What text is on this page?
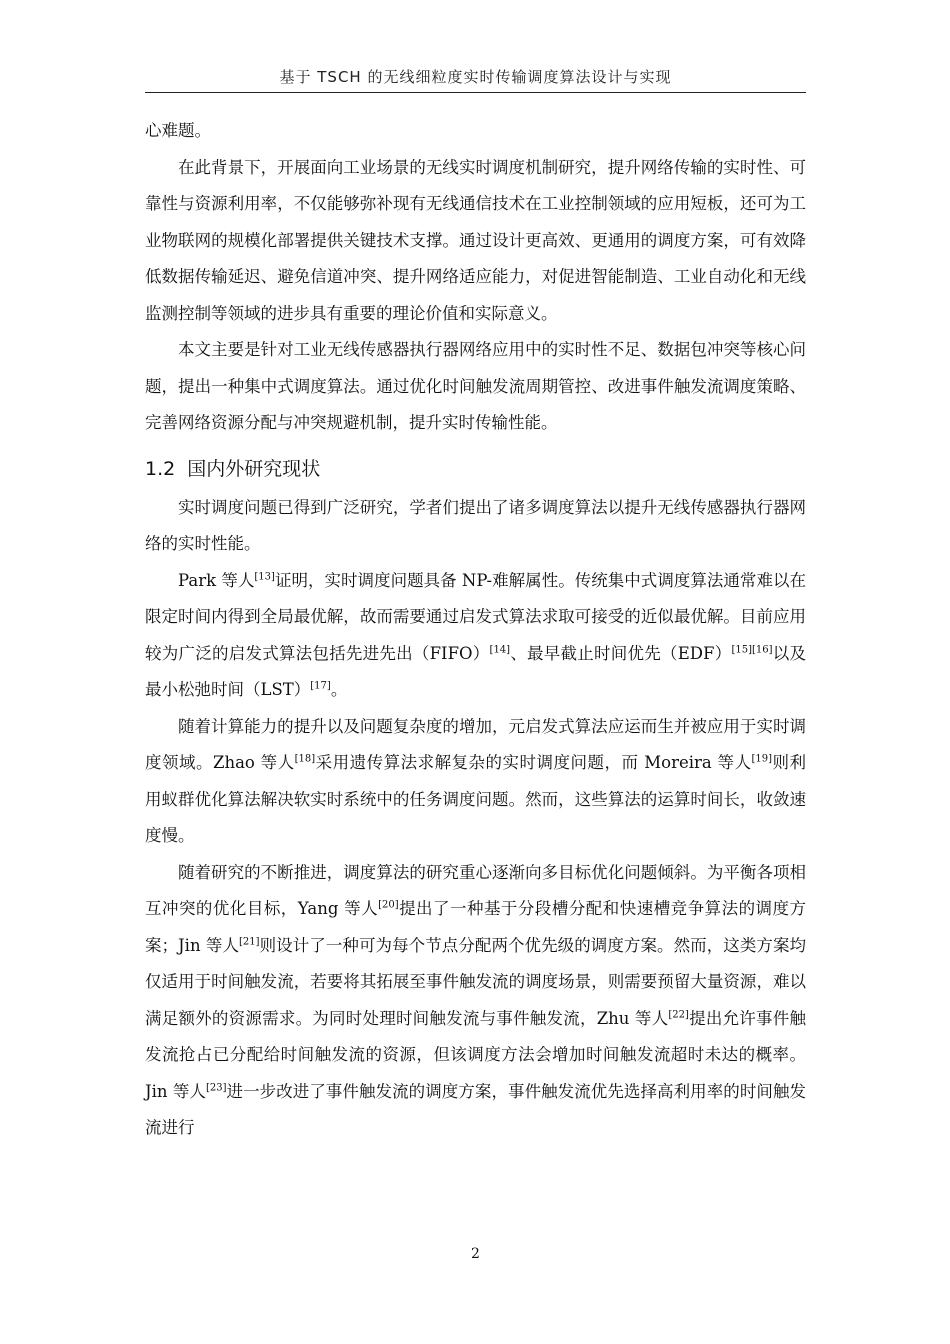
基于 TSCH 的无线细粒度实时传输调度算法设计与实现

心难题。

在此背景下，开展面向工业场景的无线实时调度机制研究，提升网络传输的实时性、可靠性与资源利用率，不仅能够弥补现有无线通信技术在工业控制领域的应用短板，还可为工业物联网的规模化部署提供关键技术支撑。通过设计更高效、更通用的调度方案，可有效降低数据传输延迟、避免信道冲突、提升网络适应能力，对促进智能制造、工业自动化和无线监测控制等领域的进步具有重要的理论价值和实际意义。

本文主要是针对工业无线传感器执行器网络应用中的实时性不足、数据包冲突等核心问题，提出一种集中式调度算法。通过优化时间触发流周期管控、改进事件触发流调度策略、完善网络资源分配与冲突规避机制，提升实时传输性能。

1.2 国内外研究现状

实时调度问题已得到广泛研究，学者们提出了诸多调度算法以提升无线传感器执行器网络的实时性能。

Park 等人[13]证明，实时调度问题具备 NP-难解属性。传统集中式调度算法通常难以在限定时间内得到全局最优解，故而需要通过启发式算法求取可接受的近似最优解。目前应用较为广泛的启发式算法包括先进先出（FIFO）[14]、最早截止时间优先（EDF）[15][16]以及最小松弛时间（LST）[17]。

随着计算能力的提升以及问题复杂度的增加，元启发式算法应运而生并被应用于实时调度领域。Zhao 等人[18]采用遗传算法求解复杂的实时调度问题，而 Moreira 等人[19]则利用蚁群优化算法解决软实时系统中的任务调度问题。然而，这些算法的运算时间长，收敛速度慢。

随着研究的不断推进，调度算法的研究重心逐渐向多目标优化问题倾斜。为平衡各项相互冲突的优化目标，Yang 等人[20]提出了一种基于分段槽分配和快速槽竞争算法的调度方案；Jin 等人[21]则设计了一种可为每个节点分配两个优先级的调度方案。然而，这类方案均仅适用于时间触发流，若要将其拓展至事件触发流的调度场景，则需要预留大量资源，难以满足额外的资源需求。为同时处理时间触发流与事件触发流，Zhu 等人[22]提出允许事件触发流抢占已分配给时间触发流的资源，但该调度方法会增加时间触发流超时未达的概率。Jin 等人[23]进一步改进了事件触发流的调度方案，事件触发流优先选择高利用率的时间触发流进行

2
